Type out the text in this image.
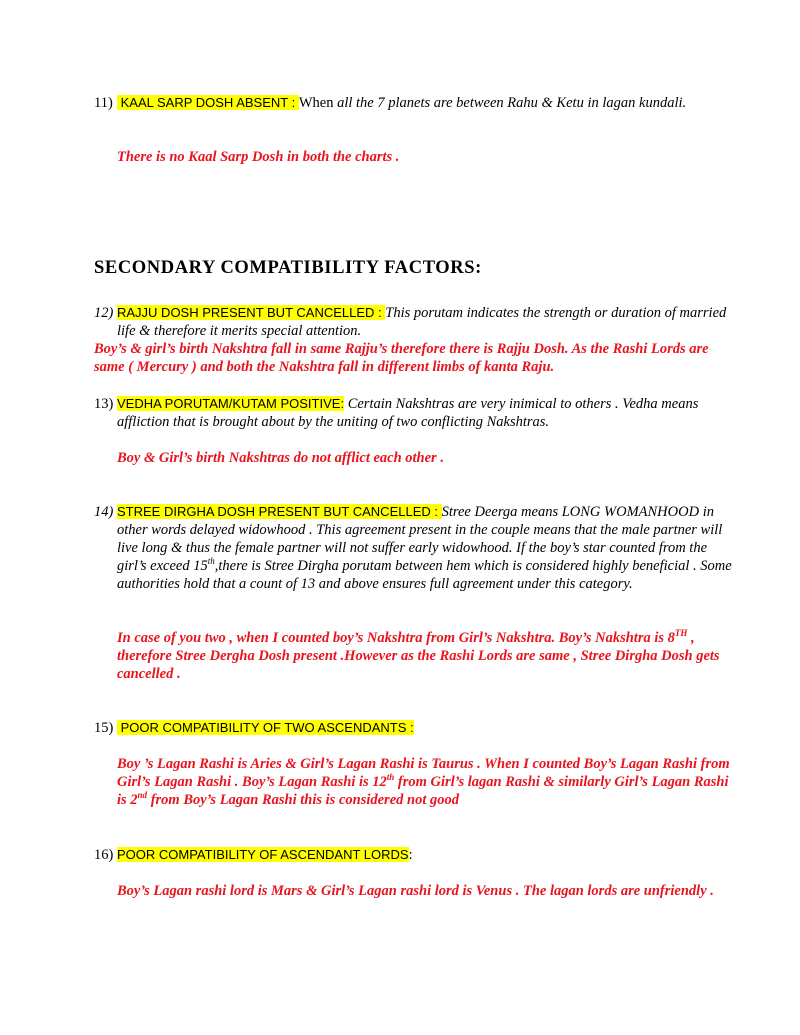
11) KAAL SARP DOSH ABSENT : When all the 7 planets are between Rahu & Ketu in lagan kundali.
There is no Kaal Sarp Dosh in both the charts .
SECONDARY COMPATIBILITY FACTORS:
12) RAJJU DOSH PRESENT BUT CANCELLED : This porutam indicates the strength or duration of married life & therefore it merits special attention.
Boy’s & girl’s birth Nakshtra fall in same Rajju’s therefore there is Rajju Dosh. As the Rashi Lords are same ( Mercury ) and both the Nakshtra fall in different limbs of kanta Raju.
13) VEDHA PORUTAM/KUTAM POSITIVE: Certain Nakshtras are very inimical to others . Vedha means affliction that is brought about by the uniting of two conflicting Nakshtras.
Boy & Girl’s birth Nakshtras do not afflict each other .
14) STREE DIRGHA DOSH PRESENT BUT CANCELLED : Stree Deerga means LONG WOMANHOOD in other words delayed widowhood . This agreement present in the couple means that the male partner will live long & thus the female partner will not suffer early widowhood. If the boy’s star counted from the girl’s exceed 15th,there is Stree Dirgha porutam between hem which is considered highly beneficial . Some authorities hold that a count of 13 and above ensures full agreement under this category.
In case of you two , when I counted boy’s Nakshtra from Girl’s Nakshtra. Boy’s Nakshtra is 8TH , therefore Stree Dergha Dosh present .However as the Rashi Lords are same , Stree Dirgha Dosh gets cancelled .
15) POOR COMPATIBILITY OF TWO ASCENDANTS :
Boy ’s Lagan Rashi is Aries & Girl’s Lagan Rashi is Taurus . When I counted Boy’s Lagan Rashi from Girl’s Lagan Rashi . Boy’s Lagan Rashi is 12th from Girl’s lagan Rashi & similarly Girl’s Lagan Rashi is 2nd from Boy’s Lagan Rashi this is considered not good
16) POOR COMPATIBILITY OF ASCENDANT LORDS:
Boy’s Lagan rashi lord is Mars & Girl’s Lagan rashi lord is Venus . The lagan lords are unfriendly .
